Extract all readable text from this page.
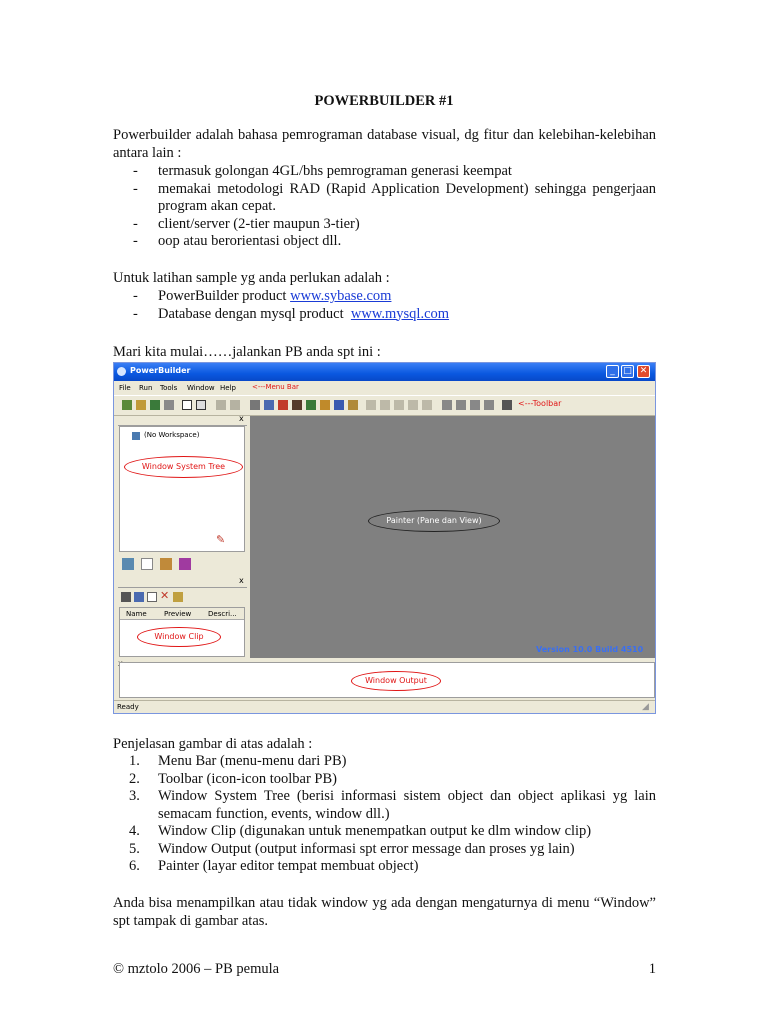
POWERBUILDER #1
Powerbuilder adalah bahasa pemrograman database visual, dg fitur dan kelebihan-kelebihan antara lain :
- termasuk golongan 4GL/bhs pemrograman generasi keempat
- memakai metodologi RAD (Rapid Application Development) sehingga pengerjaan program akan cepat.
- client/server (2-tier maupun 3-tier)
- oop atau berorientasi object dll.
Untuk latihan sample yg anda perlukan adalah :
- PowerBuilder product www.sybase.com
- Database dengan mysql product www.mysql.com
Mari kita mulai……jalankan PB anda spt ini :
PowerBuilder	_ □ ✕
File Run Tools Window Help <---Menu Bar
<---Toolbar
x
(No Workspace)
Window System Tree
✎
x
✕
Name Preview Descri...
Window Clip
Painter (Pane dan View)
Version 10.0 Build 4510
Window Output
Ready	◢
Penjelasan gambar di atas adalah :
1. Menu Bar (menu-menu dari PB)
2. Toolbar (icon-icon toolbar PB)
3. Window System Tree (berisi informasi sistem object dan object aplikasi yg lain semacam function, events, window dll.)
4. Window Clip (digunakan untuk menempatkan output ke dlm window clip)
5. Window Output (output informasi spt error message dan proses yg lain)
6. Painter (layar editor tempat membuat object)
Anda bisa menampilkan atau tidak window yg ada dengan mengaturnya di menu “Window” spt tampak di gambar atas.
© mztolo 2006 – PB pemula	1
